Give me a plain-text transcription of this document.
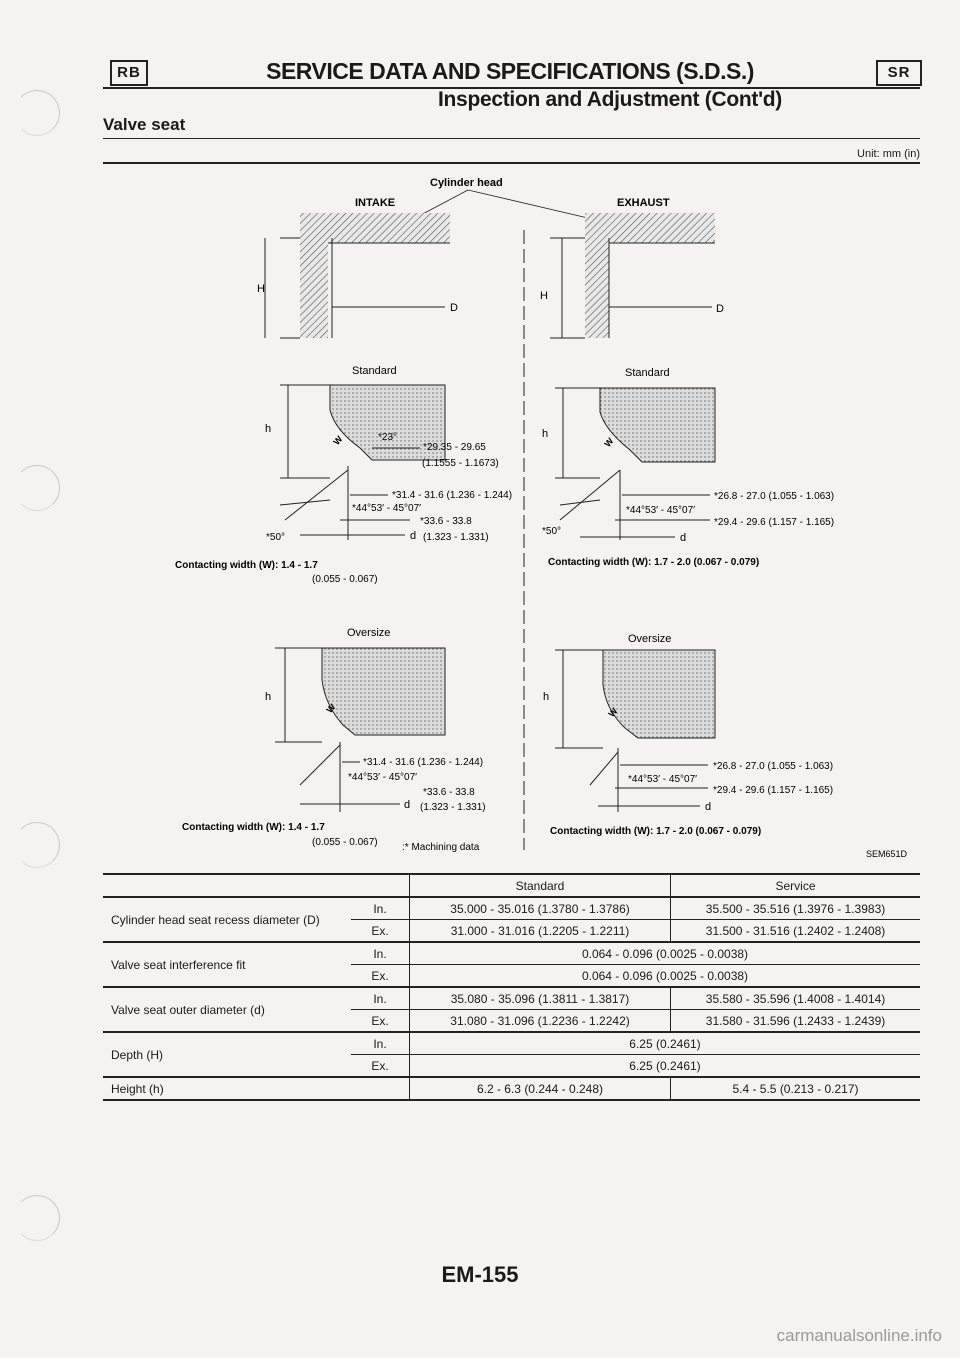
RB	SERVICE DATA AND SPECIFICATIONS (S.D.S.)	SR
Inspection and Adjustment (Cont'd)
Valve seat
Unit: mm (in)
Cylinder head
INTAKE
H
D
EXHAUST
H
D
Standard
h
W	*23°
*29.35 - 29.65
(1.1555 - 1.1673)
*31.4 - 31.6 (1.236 - 1.244)
*44°53′ - 45°07′
*33.6 - 33.8
d (1.323 - 1.331)
*50°
Contacting width (W): 1.4 - 1.7
(0.055 - 0.067)
Standard
h
W
*26.8 - 27.0 (1.055 - 1.063)
*44°53′ - 45°07′
*29.4 - 29.6 (1.157 - 1.165)
d
*50°
Contacting width (W): 1.7 - 2.0 (0.067 - 0.079)
Oversize
h
W
*31.4 - 31.6 (1.236 - 1.244)
*44°53′ - 45°07′
*33.6 - 33.8
d (1.323 - 1.331)
Contacting width (W): 1.4 - 1.7
(0.055 - 0.067) :* Machining data
Oversize
h
W
*26.8 - 27.0 (1.055 - 1.063)
*44°53′ - 45°07′
*29.4 - 29.6 (1.157 - 1.165)
d
Contacting width (W): 1.7 - 2.0 (0.067 - 0.079)
SEM651D
		Standard	Service
Cylinder head seat recess diameter (D)	In.	35.000 - 35.016 (1.3780 - 1.3786)	35.500 - 35.516 (1.3976 - 1.3983)
	Ex.	31.000 - 31.016 (1.2205 - 1.2211)	31.500 - 31.516 (1.2402 - 1.2408)
Valve seat interference fit	In.	0.064 - 0.096 (0.0025 - 0.0038)	
	Ex.	0.064 - 0.096 (0.0025 - 0.0038)	
Valve seat outer diameter (d)	In.	35.080 - 35.096 (1.3811 - 1.3817)	35.580 - 35.596 (1.4008 - 1.4014)
	Ex.	31.080 - 31.096 (1.2236 - 1.2242)	31.580 - 31.596 (1.2433 - 1.2439)
Depth (H)	In.	6.25 (0.2461)	
	Ex.	6.25 (0.2461)	
Height (h)		6.2 - 6.3 (0.244 - 0.248)	5.4 - 5.5 (0.213 - 0.217)
EM-155
carmanualsonline.info
